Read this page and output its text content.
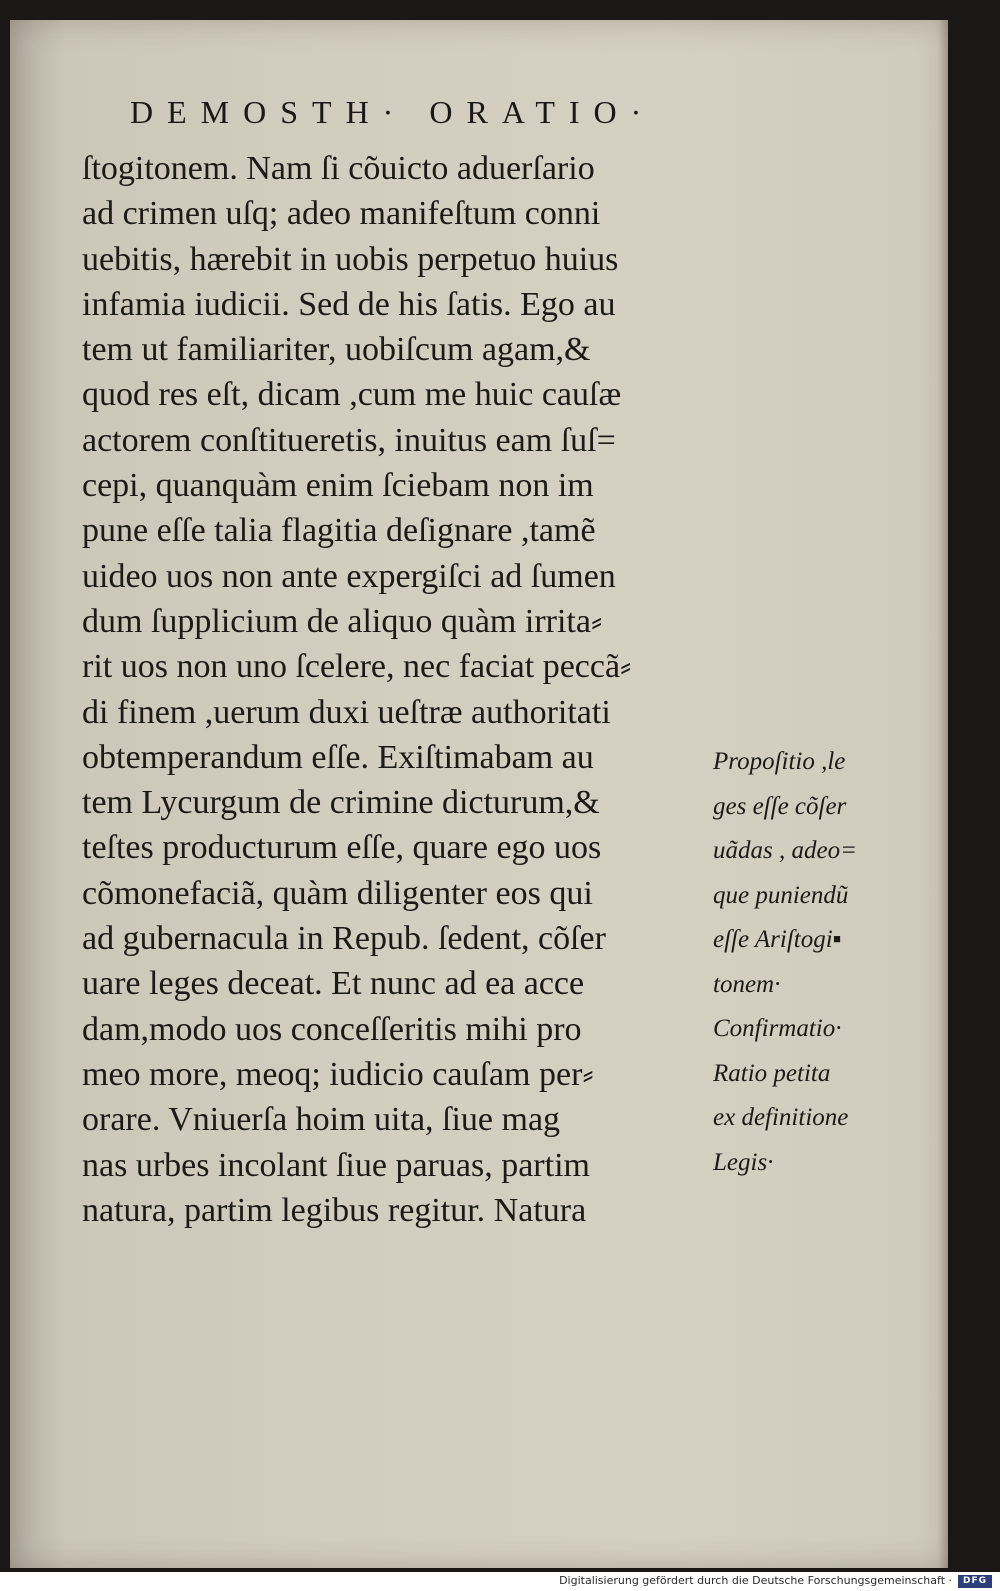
DEMOSTH· ORATIO·
ſtogitonem. Nam ſi cõuicto aduerſario
ad crimen uſq; adeo manifeſtum conni
uebitis, hærebit in uobis perpetuo huius
infamia iudicii. Sed de his ſatis. Ego au
tem ut familiariter, uobiſcum agam,&
quod res eſt, dicam ,cum me huic cauſæ
actorem conſtitueretis, inuitus eam ſuſ=
cepi, quanquàm enim ſciebam non im
pune eſſe talia flagitia deſignare ,tamẽ
uideo uos non ante expergiſci ad ſumen
dum ſupplicium de aliquo quàm irrita⸗
rit uos non uno ſcelere, nec faciat peccã⸗
di finem ,uerum duxi ueſtræ authoritati
obtemperandum eſſe. Exiſtimabam au
tem Lycurgum de crimine dicturum,&
teſtes producturum eſſe, quare ego uos
cõmonefaciã, quàm diligenter eos qui
ad gubernacula in Repub. ſedent, cõſer
uare leges deceat. Et nunc ad ea acce
dam,modo uos conceſſeritis mihi pro
meo more, meoq; iudicio cauſam per⸗
orare. Vniuerſa hoim uita, ſiue mag
nas urbes incolant ſiue paruas, partim
natura, partim legibus regitur. Natura
Propoſitio ,le
ges eſſe cõſer
uãdas , adeo=
que puniendũ
eſſe Ariſtogi▪
tonem·
Confirmatio·
Ratio petita
ex definitione
Legis·
Digitalisierung gefördert durch die Deutsche Forschungsgemeinschaft ·	DFG
